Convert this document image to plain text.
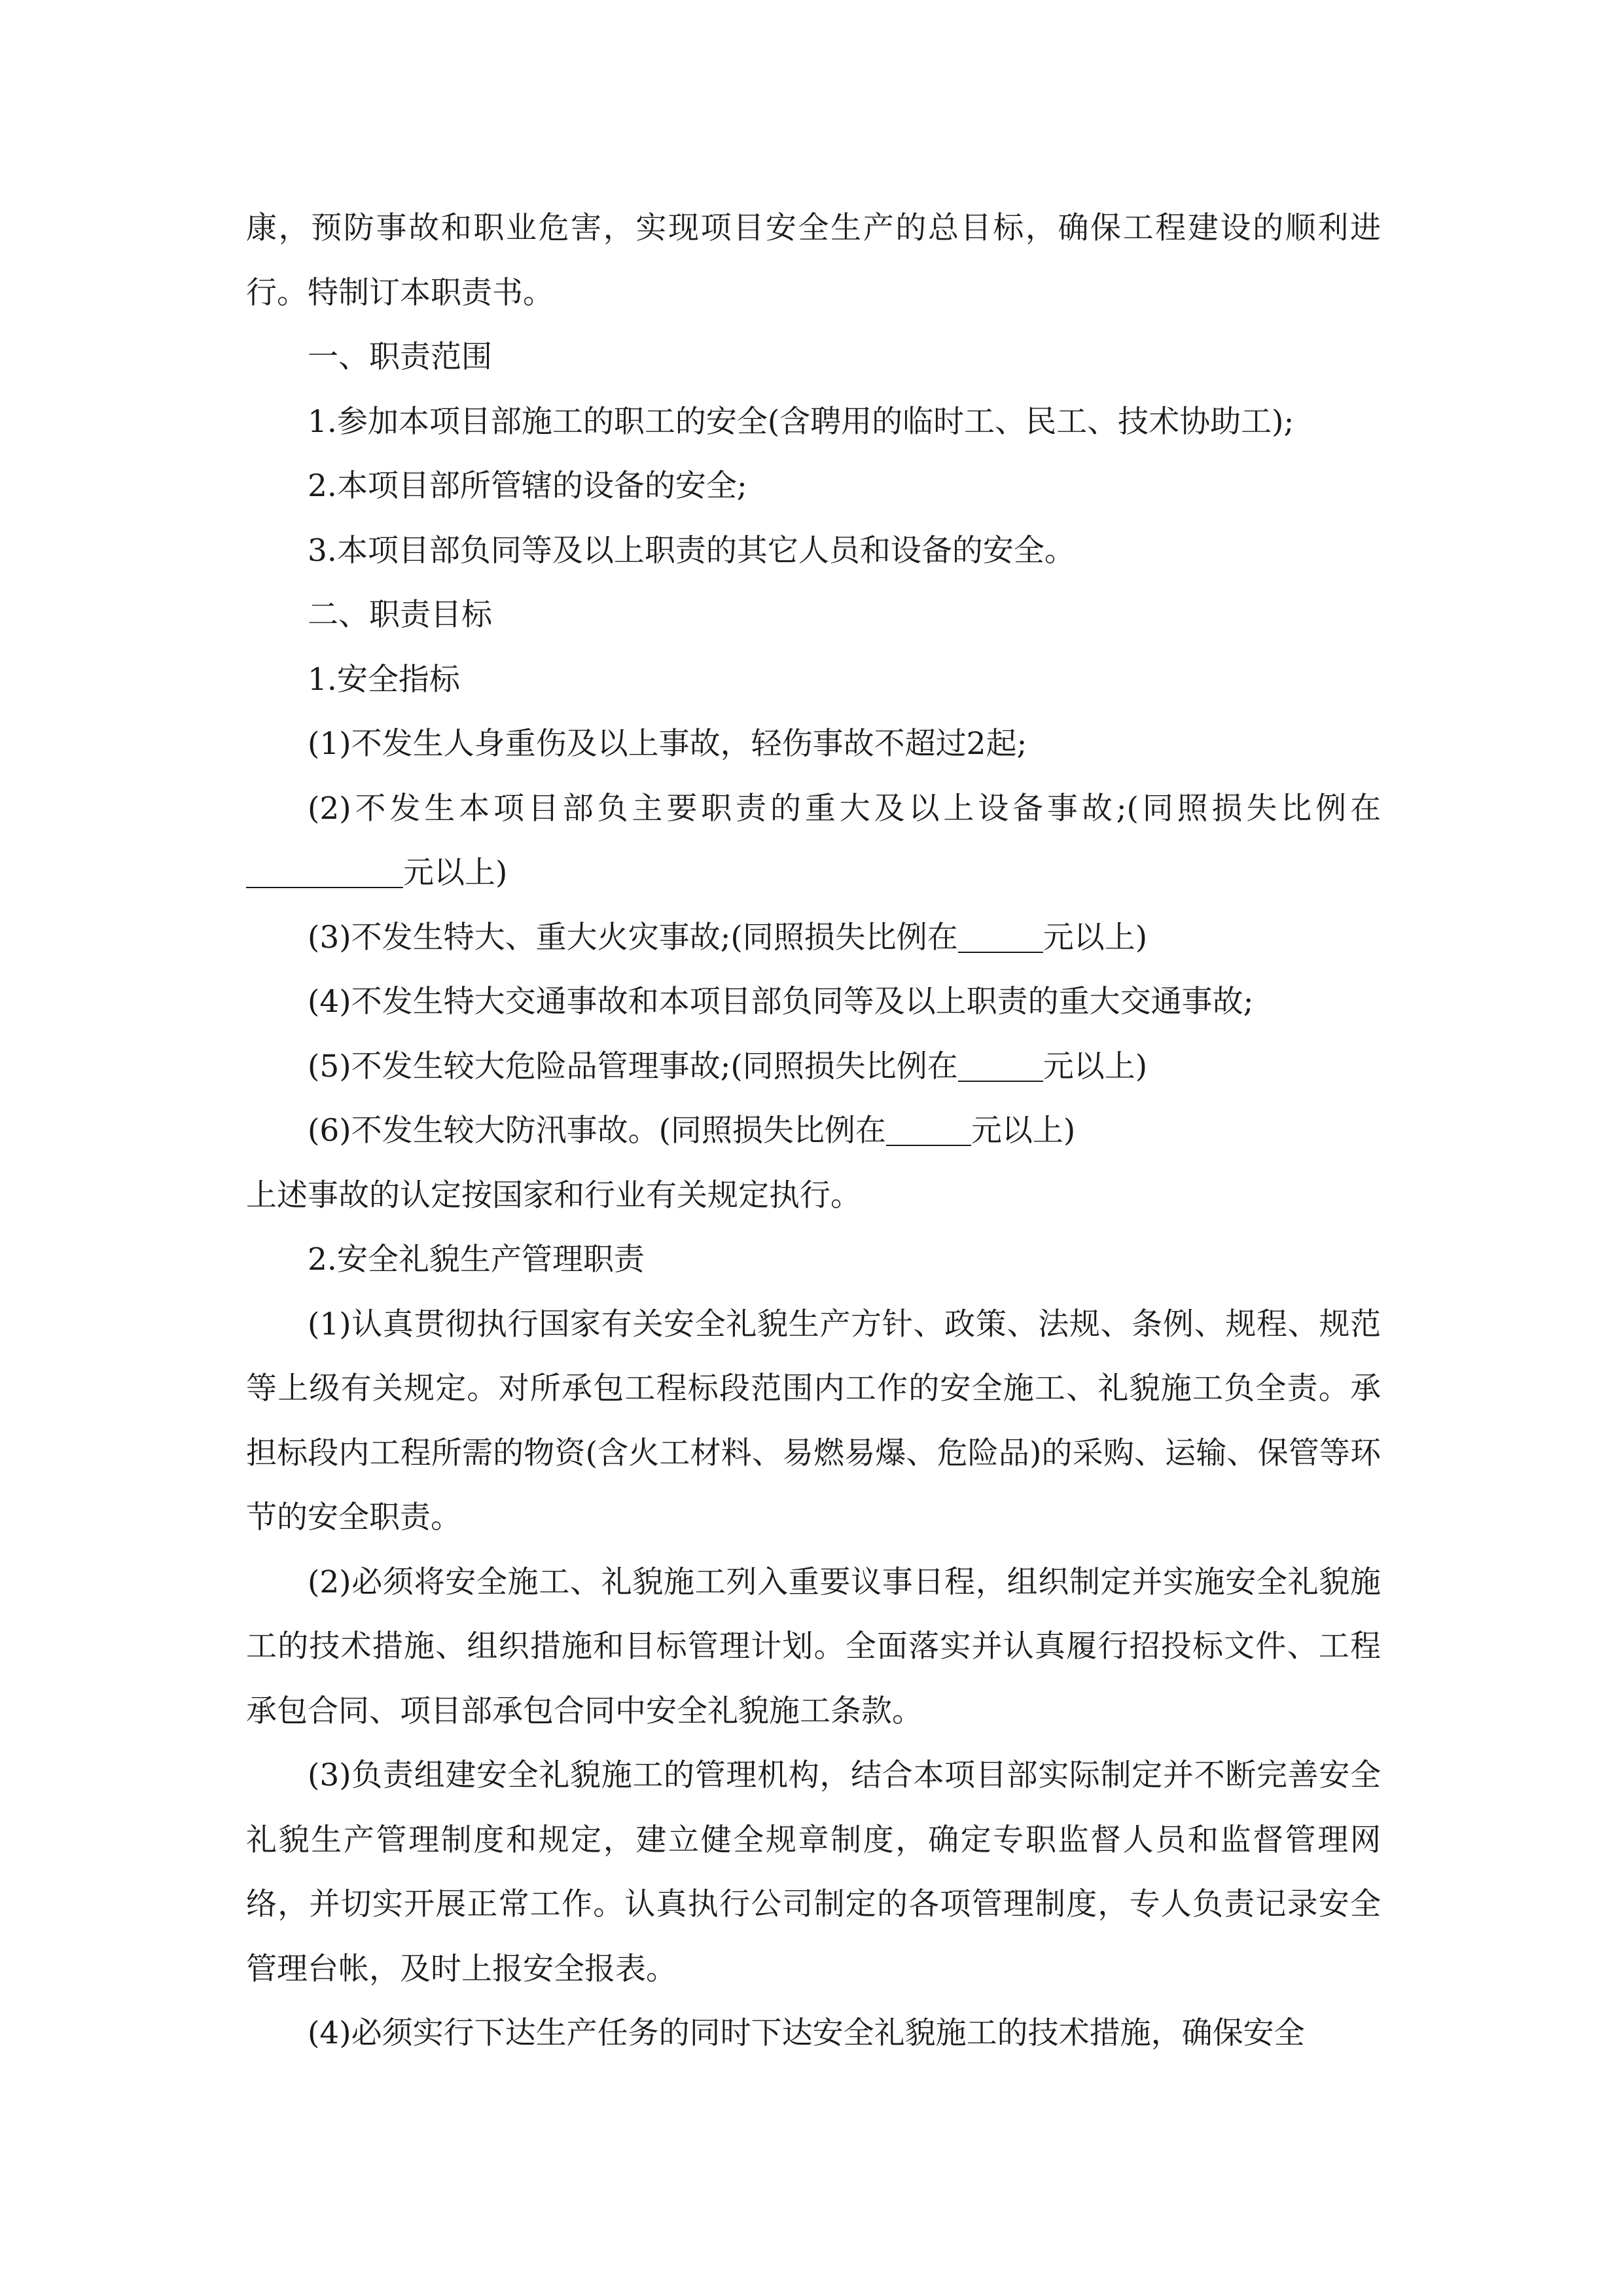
康，预防事故和职业危害，实现项目安全生产的总目标，确保工程建设的顺利进行。特制订本职责书。

一、职责范围

1.参加本项目部施工的职工的安全(含聘用的临时工、民工、技术协助工);

2.本项目部所管辖的设备的安全;

3.本项目部负同等及以上职责的其它人员和设备的安全。

二、职责目标

1.安全指标

(1)不发生人身重伤及以上事故，轻伤事故不超过2起;

(2)不发生本项目部负主要职责的重大及以上设备事故;(同照损失比例在元以上)

(3)不发生特大、重大火灾事故;(同照损失比例在	元以上)

(4)不发生特大交通事故和本项目部负同等及以上职责的重大交通事故;

(5)不发生较大危险品管理事故;(同照损失比例在	元以上)

(6)不发生较大防汛事故。(同照损失比例在	元以上)

上述事故的认定按国家和行业有关规定执行。

2.安全礼貌生产管理职责

(1)认真贯彻执行国家有关安全礼貌生产方针、政策、法规、条例、规程、规范等上级有关规定。对所承包工程标段范围内工作的安全施工、礼貌施工负全责。承担标段内工程所需的物资(含火工材料、易燃易爆、危险品)的采购、运输、保管等环节的安全职责。

(2)必须将安全施工、礼貌施工列入重要议事日程，组织制定并实施安全礼貌施工的技术措施、组织措施和目标管理计划。全面落实并认真履行招投标文件、工程承包合同、项目部承包合同中安全礼貌施工条款。

(3)负责组建安全礼貌施工的管理机构，结合本项目部实际制定并不断完善安全礼貌生产管理制度和规定，建立健全规章制度，确定专职监督人员和监督管理网络，并切实开展正常工作。认真执行公司制定的各项管理制度，专人负责记录安全管理台帐，及时上报安全报表。

(4)必须实行下达生产任务的同时下达安全礼貌施工的技术措施，确保安全
